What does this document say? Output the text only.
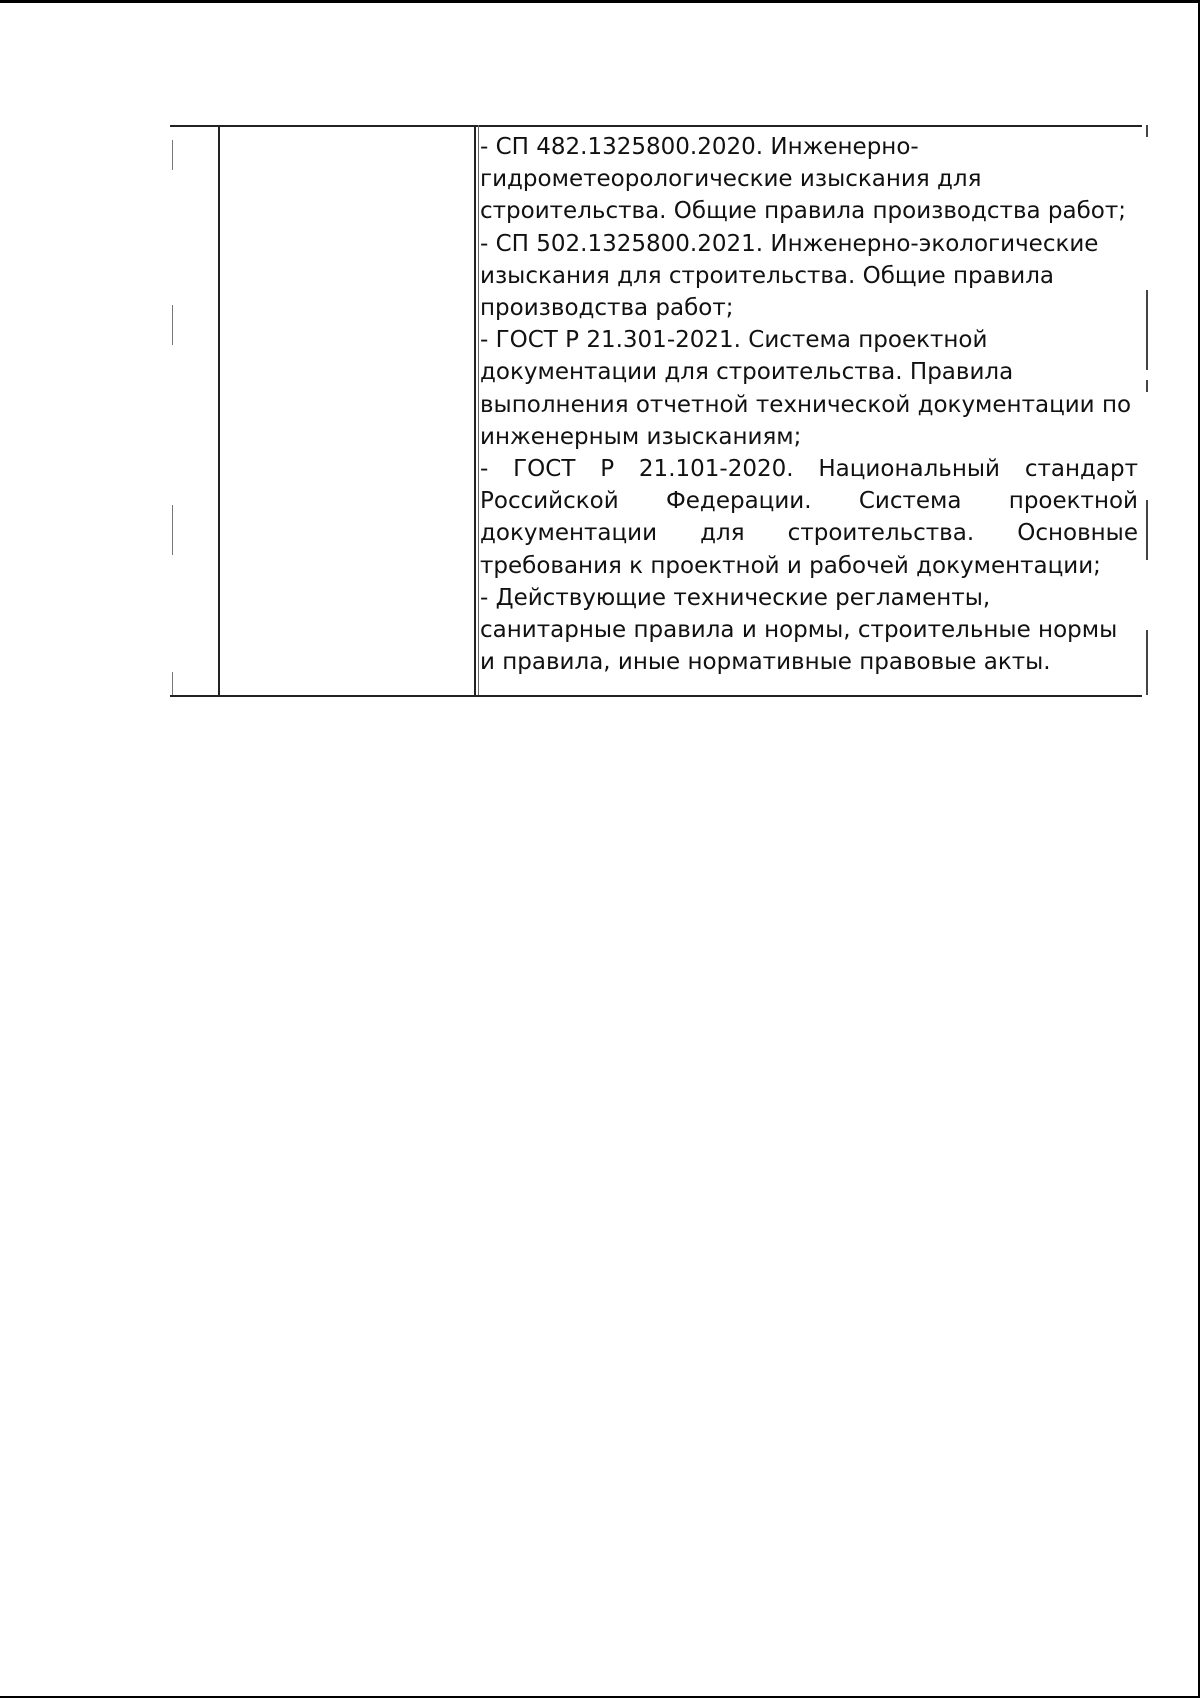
- СП 482.1325800.2020. Инженерно-гидрометеорологические изыскания для строительства. Общие правила производства работ;

- СП 502.1325800.2021. Инженерно-экологические изыскания для строительства. Общие правила производства работ;

- ГОСТ Р 21.301-2021. Система проектной документации для строительства. Правила выполнения отчетной технической документации по инженерным изысканиям;

- ГОСТ Р 21.101-2020. Национальный стандарт Российской Федерации. Система проектной документации для строительства. Основные требования к проектной и рабочей документации;

- Действующие технические регламенты, санитарные правила и нормы, строительные нормы и правила, иные нормативные правовые акты.
